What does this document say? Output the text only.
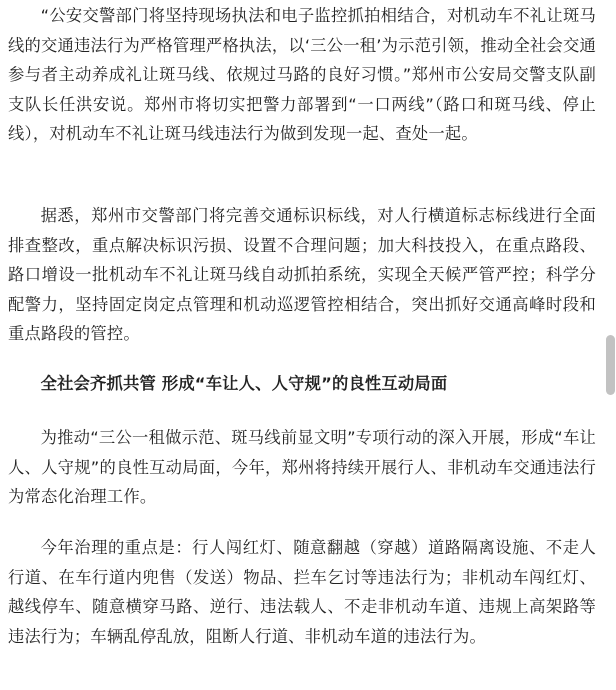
“公安交警部门将坚持现场执法和电子监控抓拍相结合，对机动车不礼让斑马线的交通违法行为严格管理严格执法，以‘三公一租’为示范引领，推动全社会交通参与者主动养成礼让斑马线、依规过马路的良好习惯。”郑州市公安局交警支队副支队长任洪安说。郑州市将切实把警力部署到“一口两线”（路口和斑马线、停止线），对机动车不礼让斑马线违法行为做到发现一起、查处一起。

据悉，郑州市交警部门将完善交通标识标线，对人行横道标志标线进行全面排查整改，重点解决标识污损、设置不合理问题；加大科技投入，在重点路段、路口增设一批机动车不礼让斑马线自动抓拍系统，实现全天候严管严控；科学分配警力，坚持固定岗定点管理和机动巡逻管控相结合，突出抓好交通高峰时段和重点路段的管控。

全社会齐抓共管 形成“车让人、人守规”的良性互动局面

为推动“三公一租做示范、斑马线前显文明”专项行动的深入开展，形成“车让人、人守规”的良性互动局面，今年，郑州将持续开展行人、非机动车交通违法行为常态化治理工作。

今年治理的重点是：行人闯红灯、随意翻越（穿越）道路隔离设施、不走人行道、在车行道内兜售（发送）物品、拦车乞讨等违法行为；非机动车闯红灯、越线停车、随意横穿马路、逆行、违法载人、不走非机动车道、违规上高架路等违法行为；车辆乱停乱放，阻断人行道、非机动车道的违法行为。
